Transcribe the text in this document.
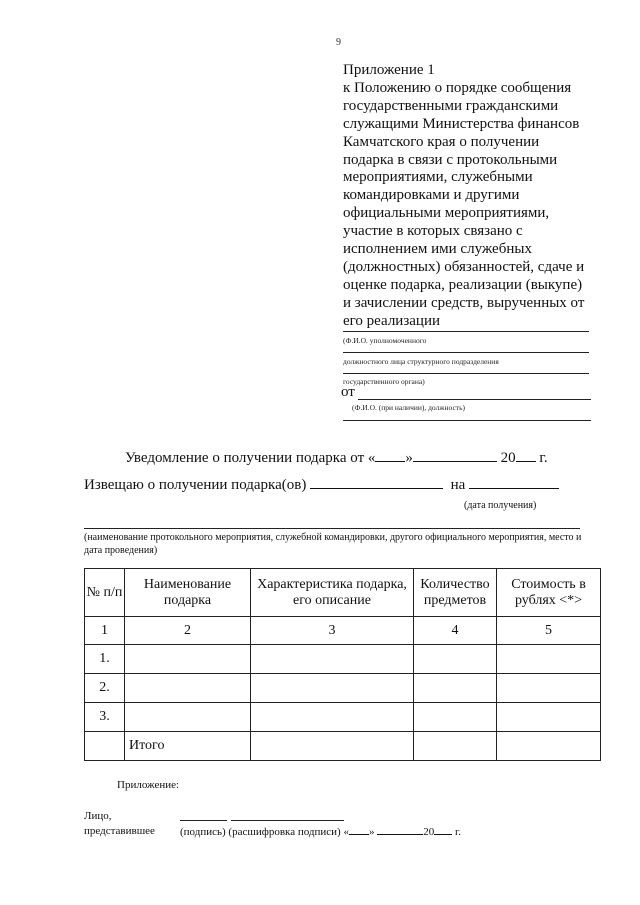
9
Приложение 1
к Положению о порядке сообщения государственными гражданскими служащими Министерства финансов Камчатского края о получении подарка в связи с протокольными мероприятиями, служебными командировками и другими официальными мероприятиями, участие в которых связано с исполнением ими служебных (должностных) обязанностей, сдаче и оценке подарка, реализации (выкупе) и зачислении средств, вырученных от его реализации
(Ф.И.О. уполномоченного
должностного лица структурного подразделения
государственного органа)
от
(Ф.И.О. (при наличии), должность)
Уведомление о получении подарка от « »	20 г.
Извещаю о получении подарка(ов)	на
(дата получения)
(наименование протокольного мероприятия, служебной командировки, другого официального мероприятия, место и дата проведения)
№ п/п	Наименование подарка	Характеристика подарка, его описание	Количество предметов	Стоимость в рублях <*>
1	2	3	4	5
1.				
2.				
3.				
	Итого			
Приложение:
Лицо,
представившее (подпись) (расшифровка подписи) « »	20 г.
